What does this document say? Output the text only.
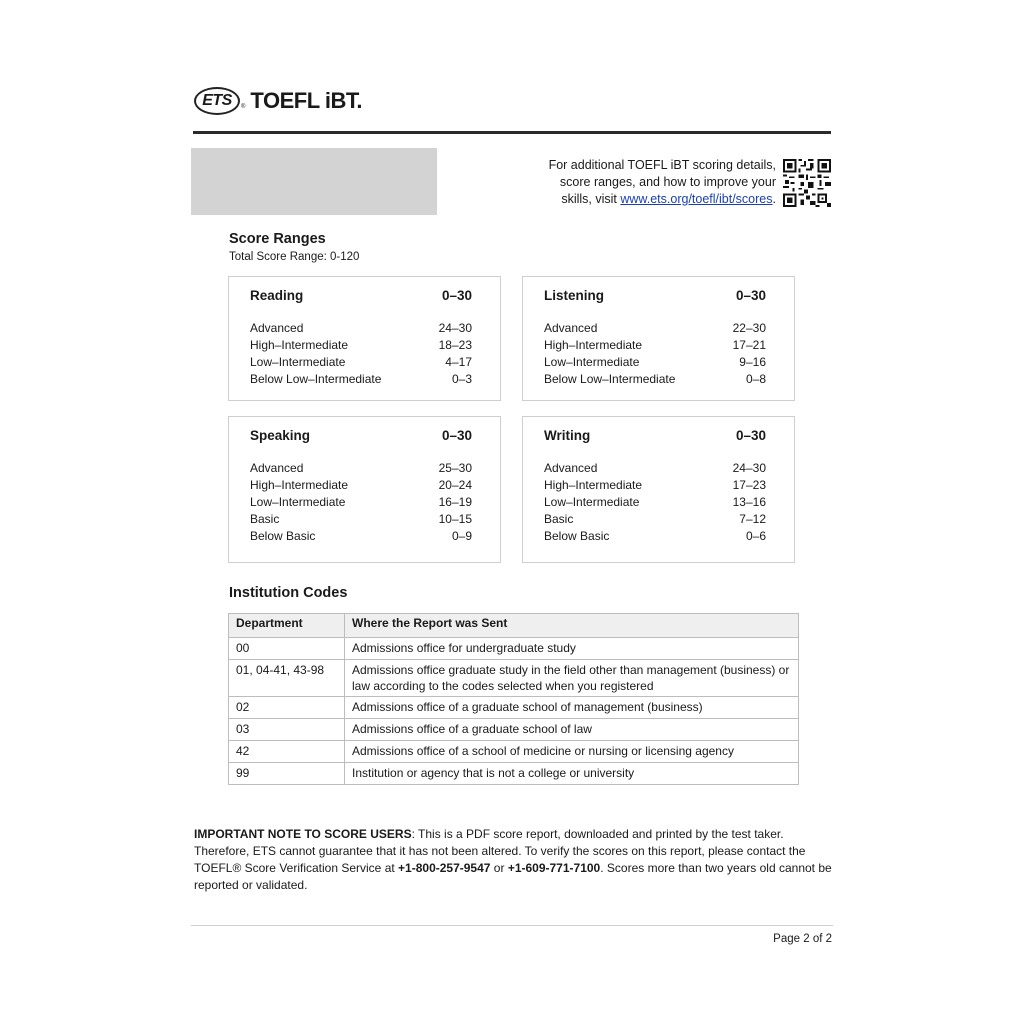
ETS	® TOEFL iBT.
For additional TOEFL iBT scoring details,
score ranges, and how to improve your
skills, visit www.ets.org/toefl/ibt/scores.
Score Ranges
Total Score Range: 0-120
Reading	0–30
Advanced	24–30
High–Intermediate	18–23
Low–Intermediate	4–17
Below Low–Intermediate	0–3
Listening	0–30
Advanced	22–30
High–Intermediate	17–21
Low–Intermediate	9–16
Below Low–Intermediate	0–8
Speaking	0–30
Advanced	25–30
High–Intermediate	20–24
Low–Intermediate	16–19
Basic	10–15
Below Basic	0–9
Writing	0–30
Advanced	24–30
High–Intermediate	17–23
Low–Intermediate	13–16
Basic	7–12
Below Basic	0–6
Institution Codes
Department	Where the Report was Sent
00	Admissions office for undergraduate study
01, 04-41, 43-98	Admissions office graduate study in the field other than management (business) or law according to the codes selected when you registered
02	Admissions office of a graduate school of management (business)
03	Admissions office of a graduate school of law
42	Admissions office of a school of medicine or nursing or licensing agency
99	Institution or agency that is not a college or university
IMPORTANT NOTE TO SCORE USERS: This is a PDF score report, downloaded and printed by the test taker. Therefore, ETS cannot guarantee that it has not been altered. To verify the scores on this report, please contact the TOEFL® Score Verification Service at +1-800-257-9547 or +1-609-771-7100. Scores more than two years old cannot be reported or validated.
Page 2 of 2
